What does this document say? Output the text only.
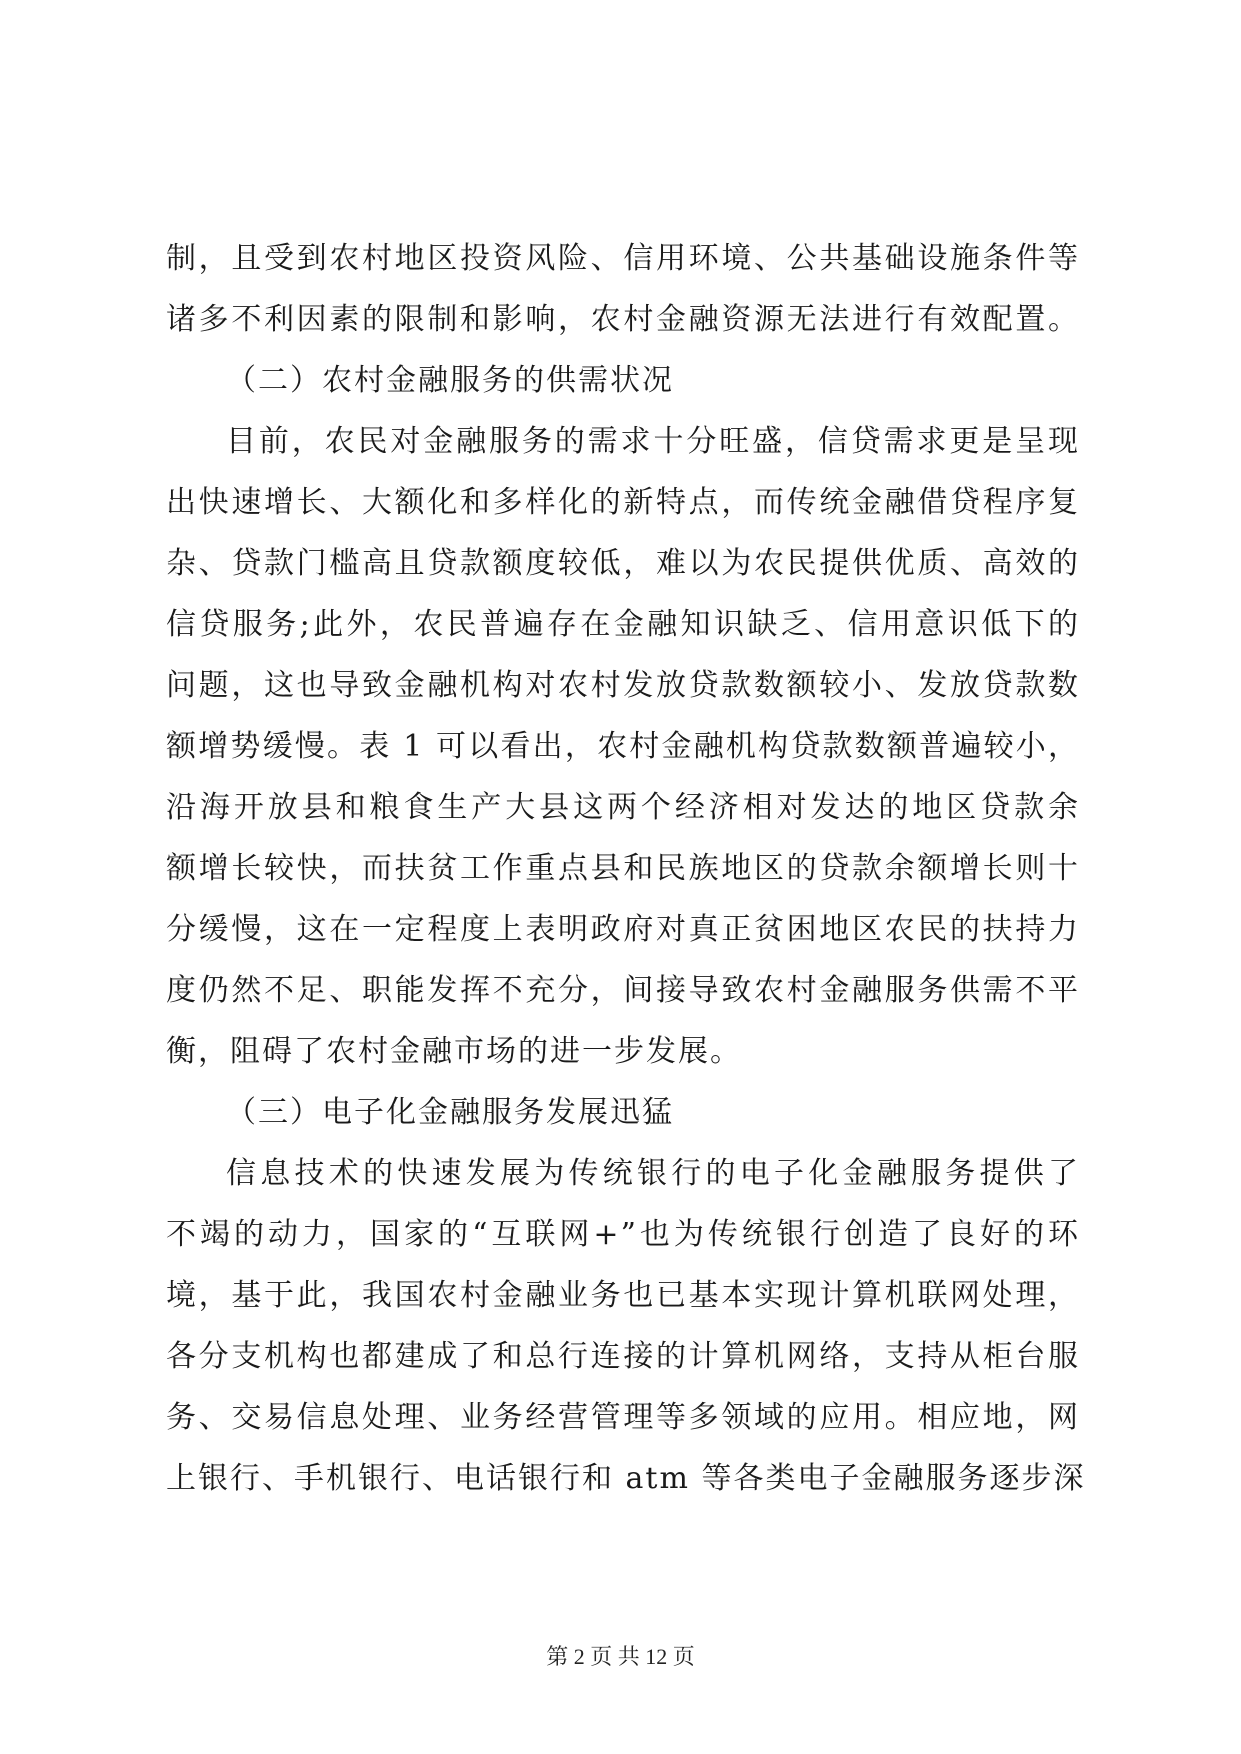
制，且受到农村地区投资风险、信用环境、公共基础设施条件等
诸多不利因素的限制和影响，农村金融资源无法进行有效配置。
（二）农村金融服务的供需状况
目前，农民对金融服务的需求十分旺盛，信贷需求更是呈现
出快速增长、大额化和多样化的新特点，而传统金融借贷程序复
杂、贷款门槛高且贷款额度较低，难以为农民提供优质、高效的
信贷服务;此外，农民普遍存在金融知识缺乏、信用意识低下的
问题，这也导致金融机构对农村发放贷款数额较小、发放贷款数
额增势缓慢。表 1 可以看出，农村金融机构贷款数额普遍较小，
沿海开放县和粮食生产大县这两个经济相对发达的地区贷款余
额增长较快，而扶贫工作重点县和民族地区的贷款余额增长则十
分缓慢，这在一定程度上表明政府对真正贫困地区农民的扶持力
度仍然不足、职能发挥不充分，间接导致农村金融服务供需不平
衡，阻碍了农村金融市场的进一步发展。
（三）电子化金融服务发展迅猛
信息技术的快速发展为传统银行的电子化金融服务提供了
不竭的动力，国家的“互联网+”也为传统银行创造了良好的环
境，基于此，我国农村金融业务也已基本实现计算机联网处理，
各分支机构也都建成了和总行连接的计算机网络，支持从柜台服
务、交易信息处理、业务经营管理等多领域的应用。相应地，网
上银行、手机银行、电话银行和 atm 等各类电子金融服务逐步深
第 2 页 共 12 页
